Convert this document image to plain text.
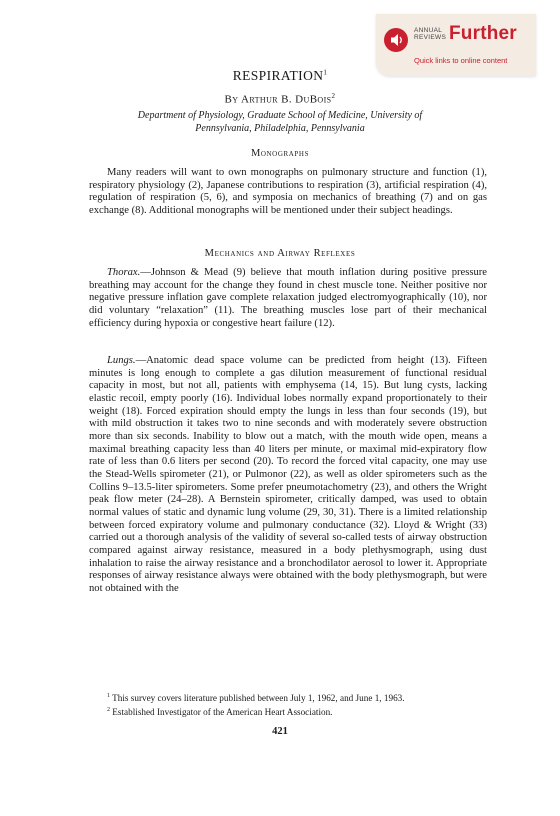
ANNUAL
REVIEWS Further
Quick links to online content
RESPIRATION$^1$
By Arthur B. DuBois$^2$
Department of Physiology, Graduate School of Medicine, University of
Pennsylvania, Philadelphia, Pennsylvania
Monographs
Many readers will want to own monographs on pulmonary structure and function (1), respiratory physiology (2), Japanese contributions to respiration (3), artificial respiration (4), regulation of respiration (5, 6), and symposia on mechanics of breathing (7) and on gas exchange (8). Additional monographs will be mentioned under their subject headings.
Mechanics and Airway Reflexes
Thorax.—Johnson & Mead (9) believe that mouth inflation during positive pressure breathing may account for the change they found in chest muscle tone. Neither positive nor negative pressure inflation gave complete relaxation judged electromyographically (10), nor did voluntary “relaxation” (11). The breathing muscles lose part of their mechanical efficiency during hypoxia or congestive heart failure (12).
Lungs.—Anatomic dead space volume can be predicted from height (13). Fifteen minutes is long enough to complete a gas dilution measurement of functional residual capacity in most, but not all, patients with emphysema (14, 15). But lung cysts, lacking elastic recoil, empty poorly (16). Individual lobes normally expand proportionately to their weight (18). Forced expiration should empty the lungs in less than four seconds (19), but with mild obstruction it takes two to nine seconds and with moderately severe obstruction more than six seconds. Inability to blow out a match, with the mouth wide open, means a maximal breathing capacity less than 40 liters per minute, or maximal mid-expiratory flow rate of less than 0.6 liters per second (20). To record the forced vital capacity, one may use the Stead-Wells spirometer (21), or Pulmonor (22), as well as older spirometers such as the Collins 9–13.5-liter spirometers. Some prefer pneumotachometry (23), and others the Wright peak flow meter (24–28). A Bernstein spirometer, critically damped, was used to obtain normal values of static and dynamic lung volume (29, 30, 31). There is a limited relationship between forced expiratory volume and pulmonary conductance (32). Lloyd & Wright (33) carried out a thorough analysis of the validity of several so-called tests of airway obstruction compared against airway resistance, measured in a body plethysmograph, using dust inhalation to raise the airway resistance and a bronchodilator aerosol to lower it. Appropriate responses of airway resistance always were obtained with the body plethysmograph, but were not obtained with the
$^1$ This survey covers literature published between July 1, 1962, and June 1, 1963.
$^2$ Established Investigator of the American Heart Association.
421
